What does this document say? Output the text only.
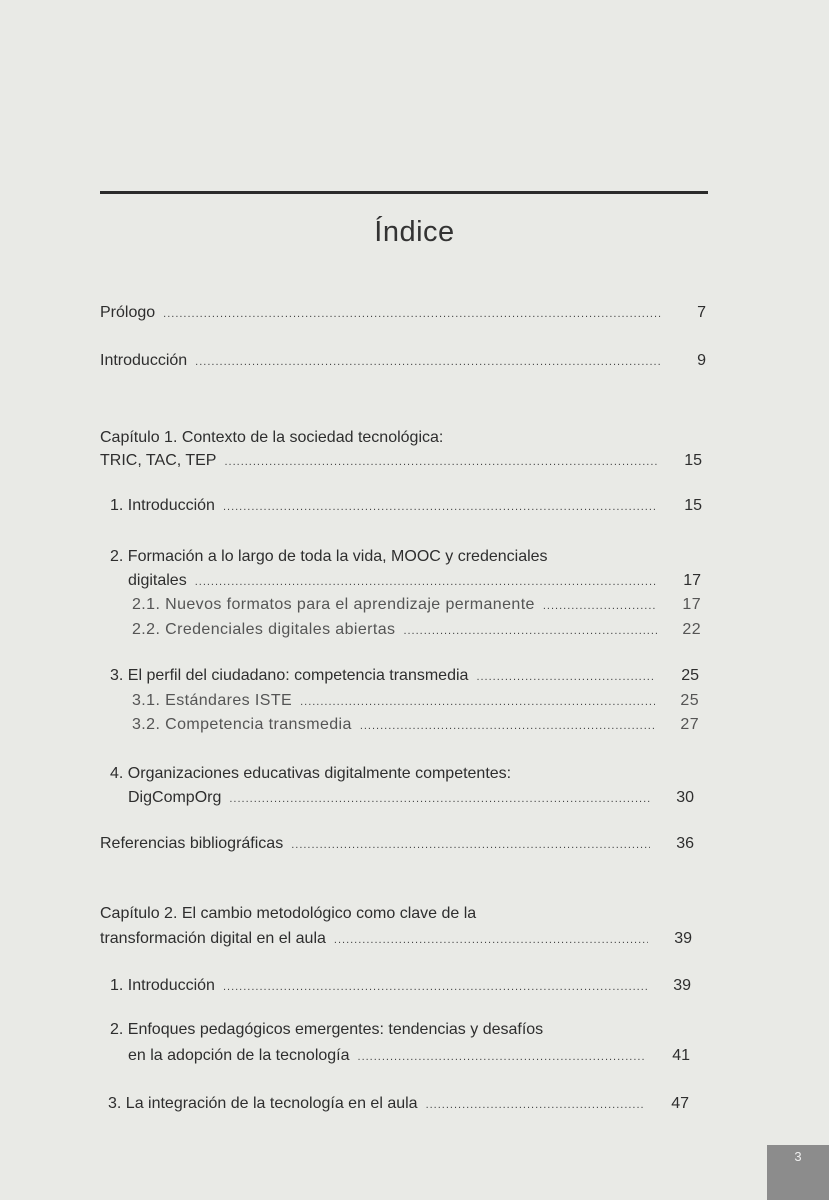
Índice
Prólogo .....	7
Introducción .....	9
Capítulo 1. Contexto de la sociedad tecnológica:
TRIC, TAC, TEP .....	15
1. Introducción .....	15
2. Formación a lo largo de toda la vida, MOOC y credenciales
digitales .....	17
2.1. Nuevos formatos para el aprendizaje permanente .....	17
2.2. Credenciales digitales abiertas .....	22
3. El perfil del ciudadano: competencia transmedia .....	25
3.1. Estándares ISTE .....	25
3.2. Competencia transmedia .....	27
4. Organizaciones educativas digitalmente competentes:
DigCompOrg .....	30
Referencias bibliográficas .....	36
Capítulo 2. El cambio metodológico como clave de la
transformación digital en el aula .....	39
1. Introducción .....	39
2. Enfoques pedagógicos emergentes: tendencias y desafíos
en la adopción de la tecnología .....	41
3. La integración de la tecnología en el aula .....	47
3
